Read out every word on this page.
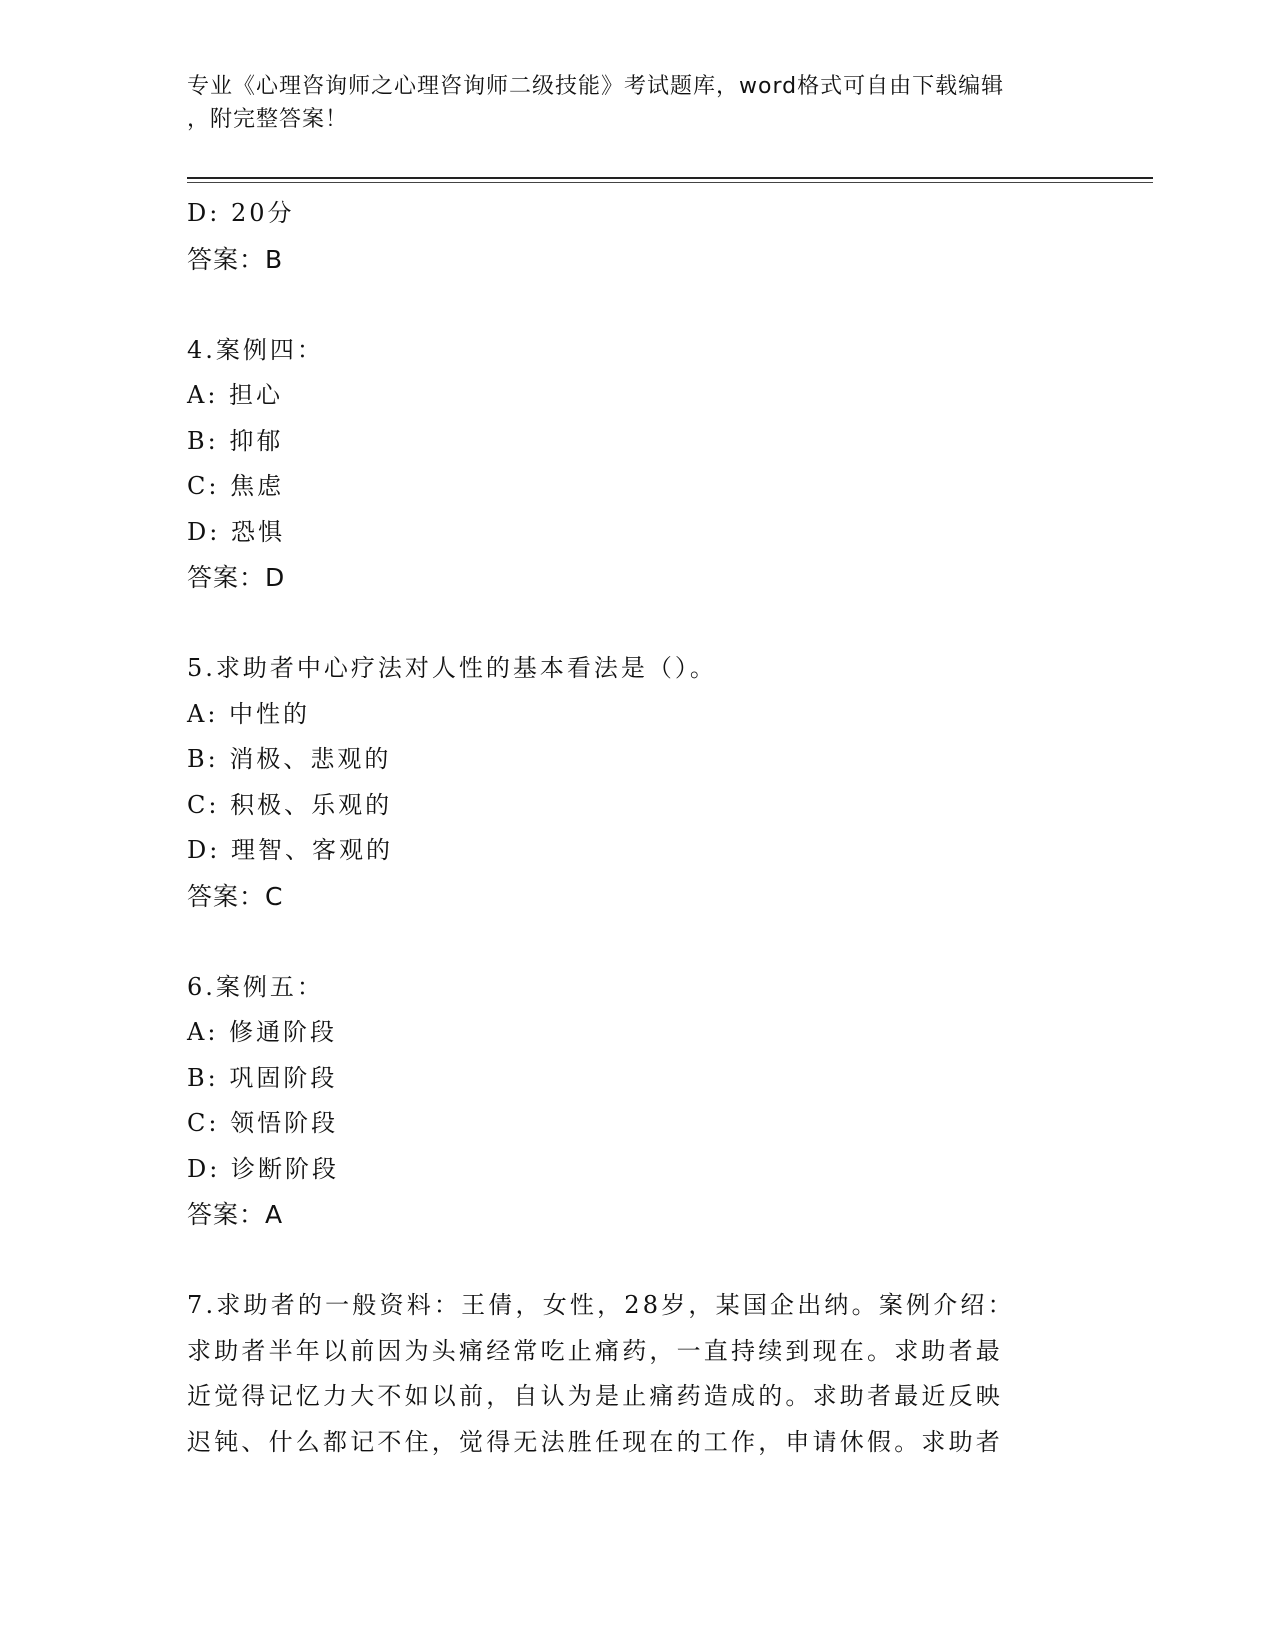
专业《心理咨询师之心理咨询师二级技能》考试题库，word格式可自由下载编辑
，附完整答案！
D: 20分
答案：B
4.案例四：
A: 担心
B: 抑郁
C: 焦虑
D: 恐惧
答案：D
5.求助者中心疗法对人性的基本看法是（）。
A: 中性的
B: 消极、悲观的
C: 积极、乐观的
D: 理智、客观的
答案：C
6.案例五：
A: 修通阶段
B: 巩固阶段
C: 领悟阶段
D: 诊断阶段
答案：A
7.求助者的一般资料：王倩，女性，28岁，某国企出纳。案例介绍：
求助者半年以前因为头痛经常吃止痛药，一直持续到现在。求助者最
近觉得记忆力大不如以前，自认为是止痛药造成的。求助者最近反映
迟钝、什么都记不住，觉得无法胜任现在的工作，申请休假。求助者
